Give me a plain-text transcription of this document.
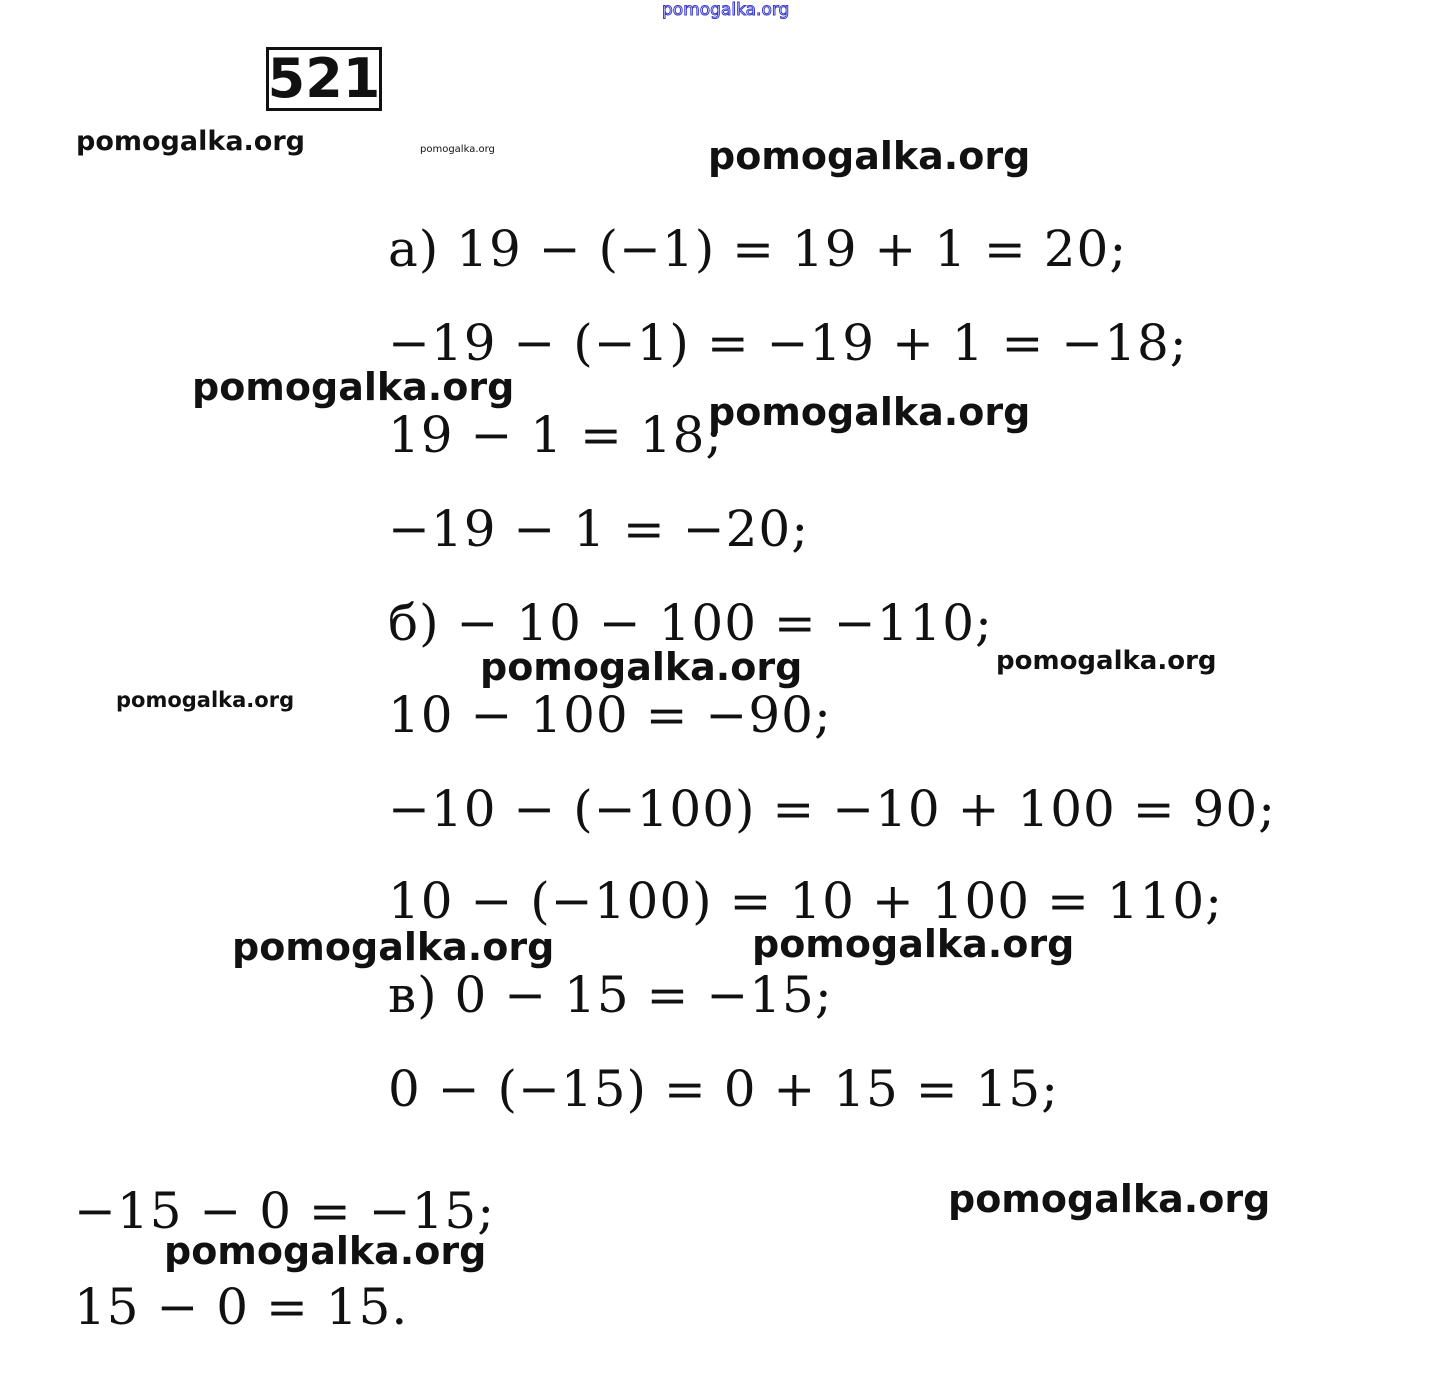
pomogalka.org
pomogalka.org	pomogalka.org	pomogalka.org
pomogalka.org
pomogalka.org
pomogalka.org	pomogalka.org
pomogalka.org
pomogalka.org	pomogalka.org
pomogalka.org
pomogalka.org
521
а) 19 − (−1) = 19 + 1 = 20;
−19 − (−1) = −19 + 1 = −18;
19 − 1 = 18;
−19 − 1 = −20;
б) − 10 − 100 = −110;
10 − 100 = −90;
−10 − (−100) = −10 + 100 = 90;
10 − (−100) = 10 + 100 = 110;
в) 0 − 15 = −15;
0 − (−15) = 0 + 15 = 15;
−15 − 0 = −15;
15 − 0 = 15.
